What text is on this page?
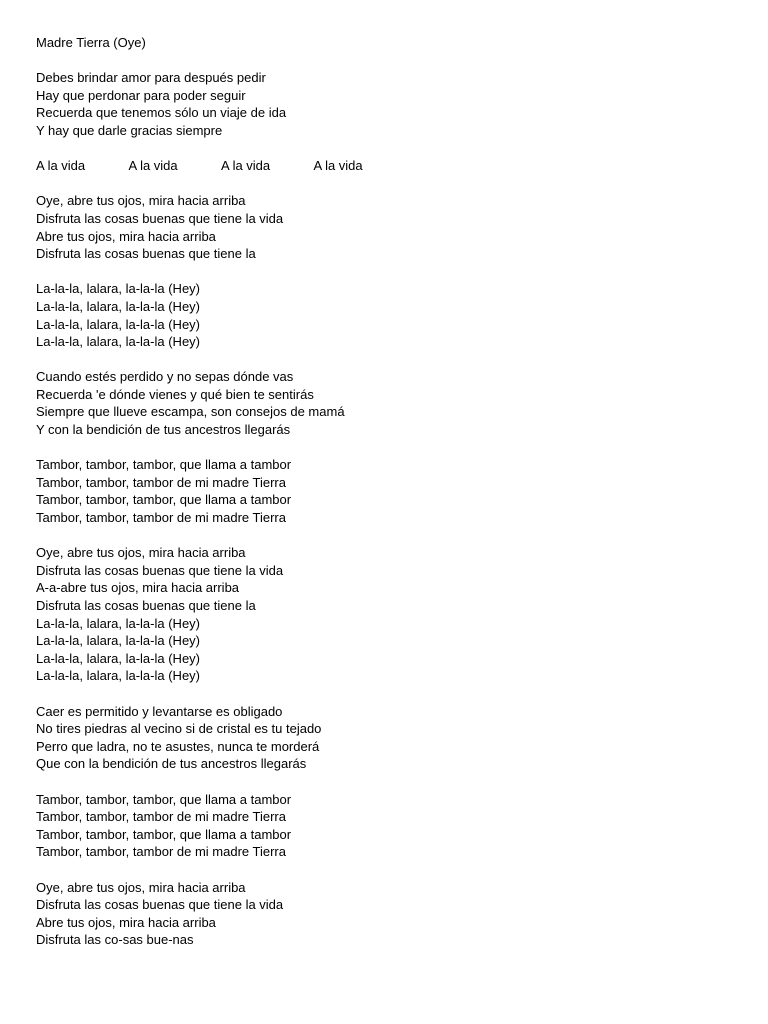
Madre Tierra (Oye)
Debes brindar amor para después pedir
Hay que perdonar para poder seguir
Recuerda que tenemos sólo un viaje de ida
Y hay que darle gracias siempre
A la vida	A la vida	A la vida	A la vida
Oye, abre tus ojos, mira hacia arriba
Disfruta las cosas buenas que tiene la vida
Abre tus ojos, mira hacia arriba
Disfruta las cosas buenas que tiene la
La-la-la, lalara, la-la-la (Hey)
La-la-la, lalara, la-la-la (Hey)
La-la-la, lalara, la-la-la (Hey)
La-la-la, lalara, la-la-la (Hey)
Cuando estés perdido y no sepas dónde vas
Recuerda 'e dónde vienes y qué bien te sentirás
Siempre que llueve escampa, son consejos de mamá
Y con la bendición de tus ancestros llegarás
Tambor, tambor, tambor, que llama a tambor
Tambor, tambor, tambor de mi madre Tierra
Tambor, tambor, tambor, que llama a tambor
Tambor, tambor, tambor de mi madre Tierra
Oye, abre tus ojos, mira hacia arriba
Disfruta las cosas buenas que tiene la vida
A-a-abre tus ojos, mira hacia arriba
Disfruta las cosas buenas que tiene la
La-la-la, lalara, la-la-la (Hey)
La-la-la, lalara, la-la-la (Hey)
La-la-la, lalara, la-la-la (Hey)
La-la-la, lalara, la-la-la (Hey)
Caer es permitido y levantarse es obligado
No tires piedras al vecino si de cristal es tu tejado
Perro que ladra, no te asustes, nunca te morderá
Que con la bendición de tus ancestros llegarás
Tambor, tambor, tambor, que llama a tambor
Tambor, tambor, tambor de mi madre Tierra
Tambor, tambor, tambor, que llama a tambor
Tambor, tambor, tambor de mi madre Tierra
Oye, abre tus ojos, mira hacia arriba
Disfruta las cosas buenas que tiene la vida
Abre tus ojos, mira hacia arriba
Disfruta las co-sas bue-nas
